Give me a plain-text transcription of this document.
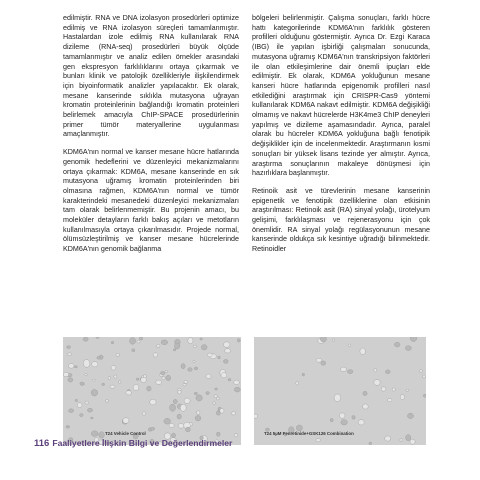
edilmiştir. RNA ve DNA izolasyon prosedürleri optimize edilmiş ve RNA izolasyon süreçleri tamamlanmıştır. Hastalardan izole edilmiş RNA kullanılarak RNA dizileme (RNA-seq) prosedürleri büyük ölçüde tamamlanmıştır ve analiz edilen örnekler arasındaki gen ekspresyon farklılıklarını ortaya çıkarmak ve bunları klinik ve patolojik özellikleriyle ilişkilendirmek için biyoinformatik analizler yapılacaktır. Ek olarak, mesane kanserinde sıklıkla mutasyona uğrayan kromatin proteinlerinin bağlandığı kromatin proteinleri belirlemek amacıyla ChIP-SPACE prosedürlerinin primer tümör materyallerine uygulanması amaçlanmıştır.

KDM6A'nın normal ve kanser mesane hücre hatlarında genomik hedeflerini ve düzenleyici mekanizmalarını ortaya çıkarmak: KDM6A, mesane kanserinde en sık mutasyona uğramış kromatin proteinlerinden biri olmasına rağmen, KDM6A'nın normal ve tümör karakterindeki mesanedeki düzenleyici mekanizmaları tam olarak belirlenmemiştir. Bu projenin amacı, bu moleküler detayların farklı bakış açıları ve metotların kullanılmasıyla ortaya çıkarılmasıdır. Projede normal, ölümsüzleştirilmiş ve kanser mesane hücrelerinde KDM6A'nın genomik bağlanma

bölgeleri belirlenmiştir. Çalışma sonuçları, farklı hücre hattı kategorilerinde KDM6A'nın farklılık gösteren profilleri olduğunu göstermiştir. Ayrıca Dr. Ezgi Karaca (IBG) ile yapılan işbirliği çalışmaları sonucunda, mutasyona uğramış KDM6A'nın transkripsiyon faktörleri ile olan etkileşimlerine dair önemli ipuçları elde edilmiştir. Ek olarak, KDM6A yokluğunun mesane kanseri hücre hatlarında epigenomik profilleri nasıl etkilediğini araştırmak için CRISPR-Cas9 yöntemi kullanılarak KDM6A nakavt edilmiştir. KDM6A değişikliği olmamış ve nakavt hücrelerde H3K4me3 ChIP deneyleri yapılmış ve dizileme aşamasındadır. Ayrıca, paralel olarak bu hücreler KDM6A yokluğuna bağlı fenotipik değişiklikler için de incelenmektedir. Araştırmanın kısmi sonuçları bir yüksek lisans tezinde yer almıştır. Ayrıca, araştırma sonuçlarının makaleye dönüşmesi için hazırlıklara başlanmıştır.

Retinoik asit ve türevlerinin mesane kanserinin epigenetik ve fenotipik özelliklerine olan etkisinin araştırılması: Retinoik asit (RA) sinyal yolağı, ürotelyum gelişimi, farklılaşması ve rejenerasyonu için çok önemlidir. RA sinyal yolağı regülasyonunun mesane kanserinde oldukça sık kesintiye uğradığı bilinmektedir. Retinoidler

T24 Vehicle Control	T24 5µM Fenretinide+GSK126 Combination
116 Faaliyetlere İlişkin Bilgi ve Değerlendirmeler
